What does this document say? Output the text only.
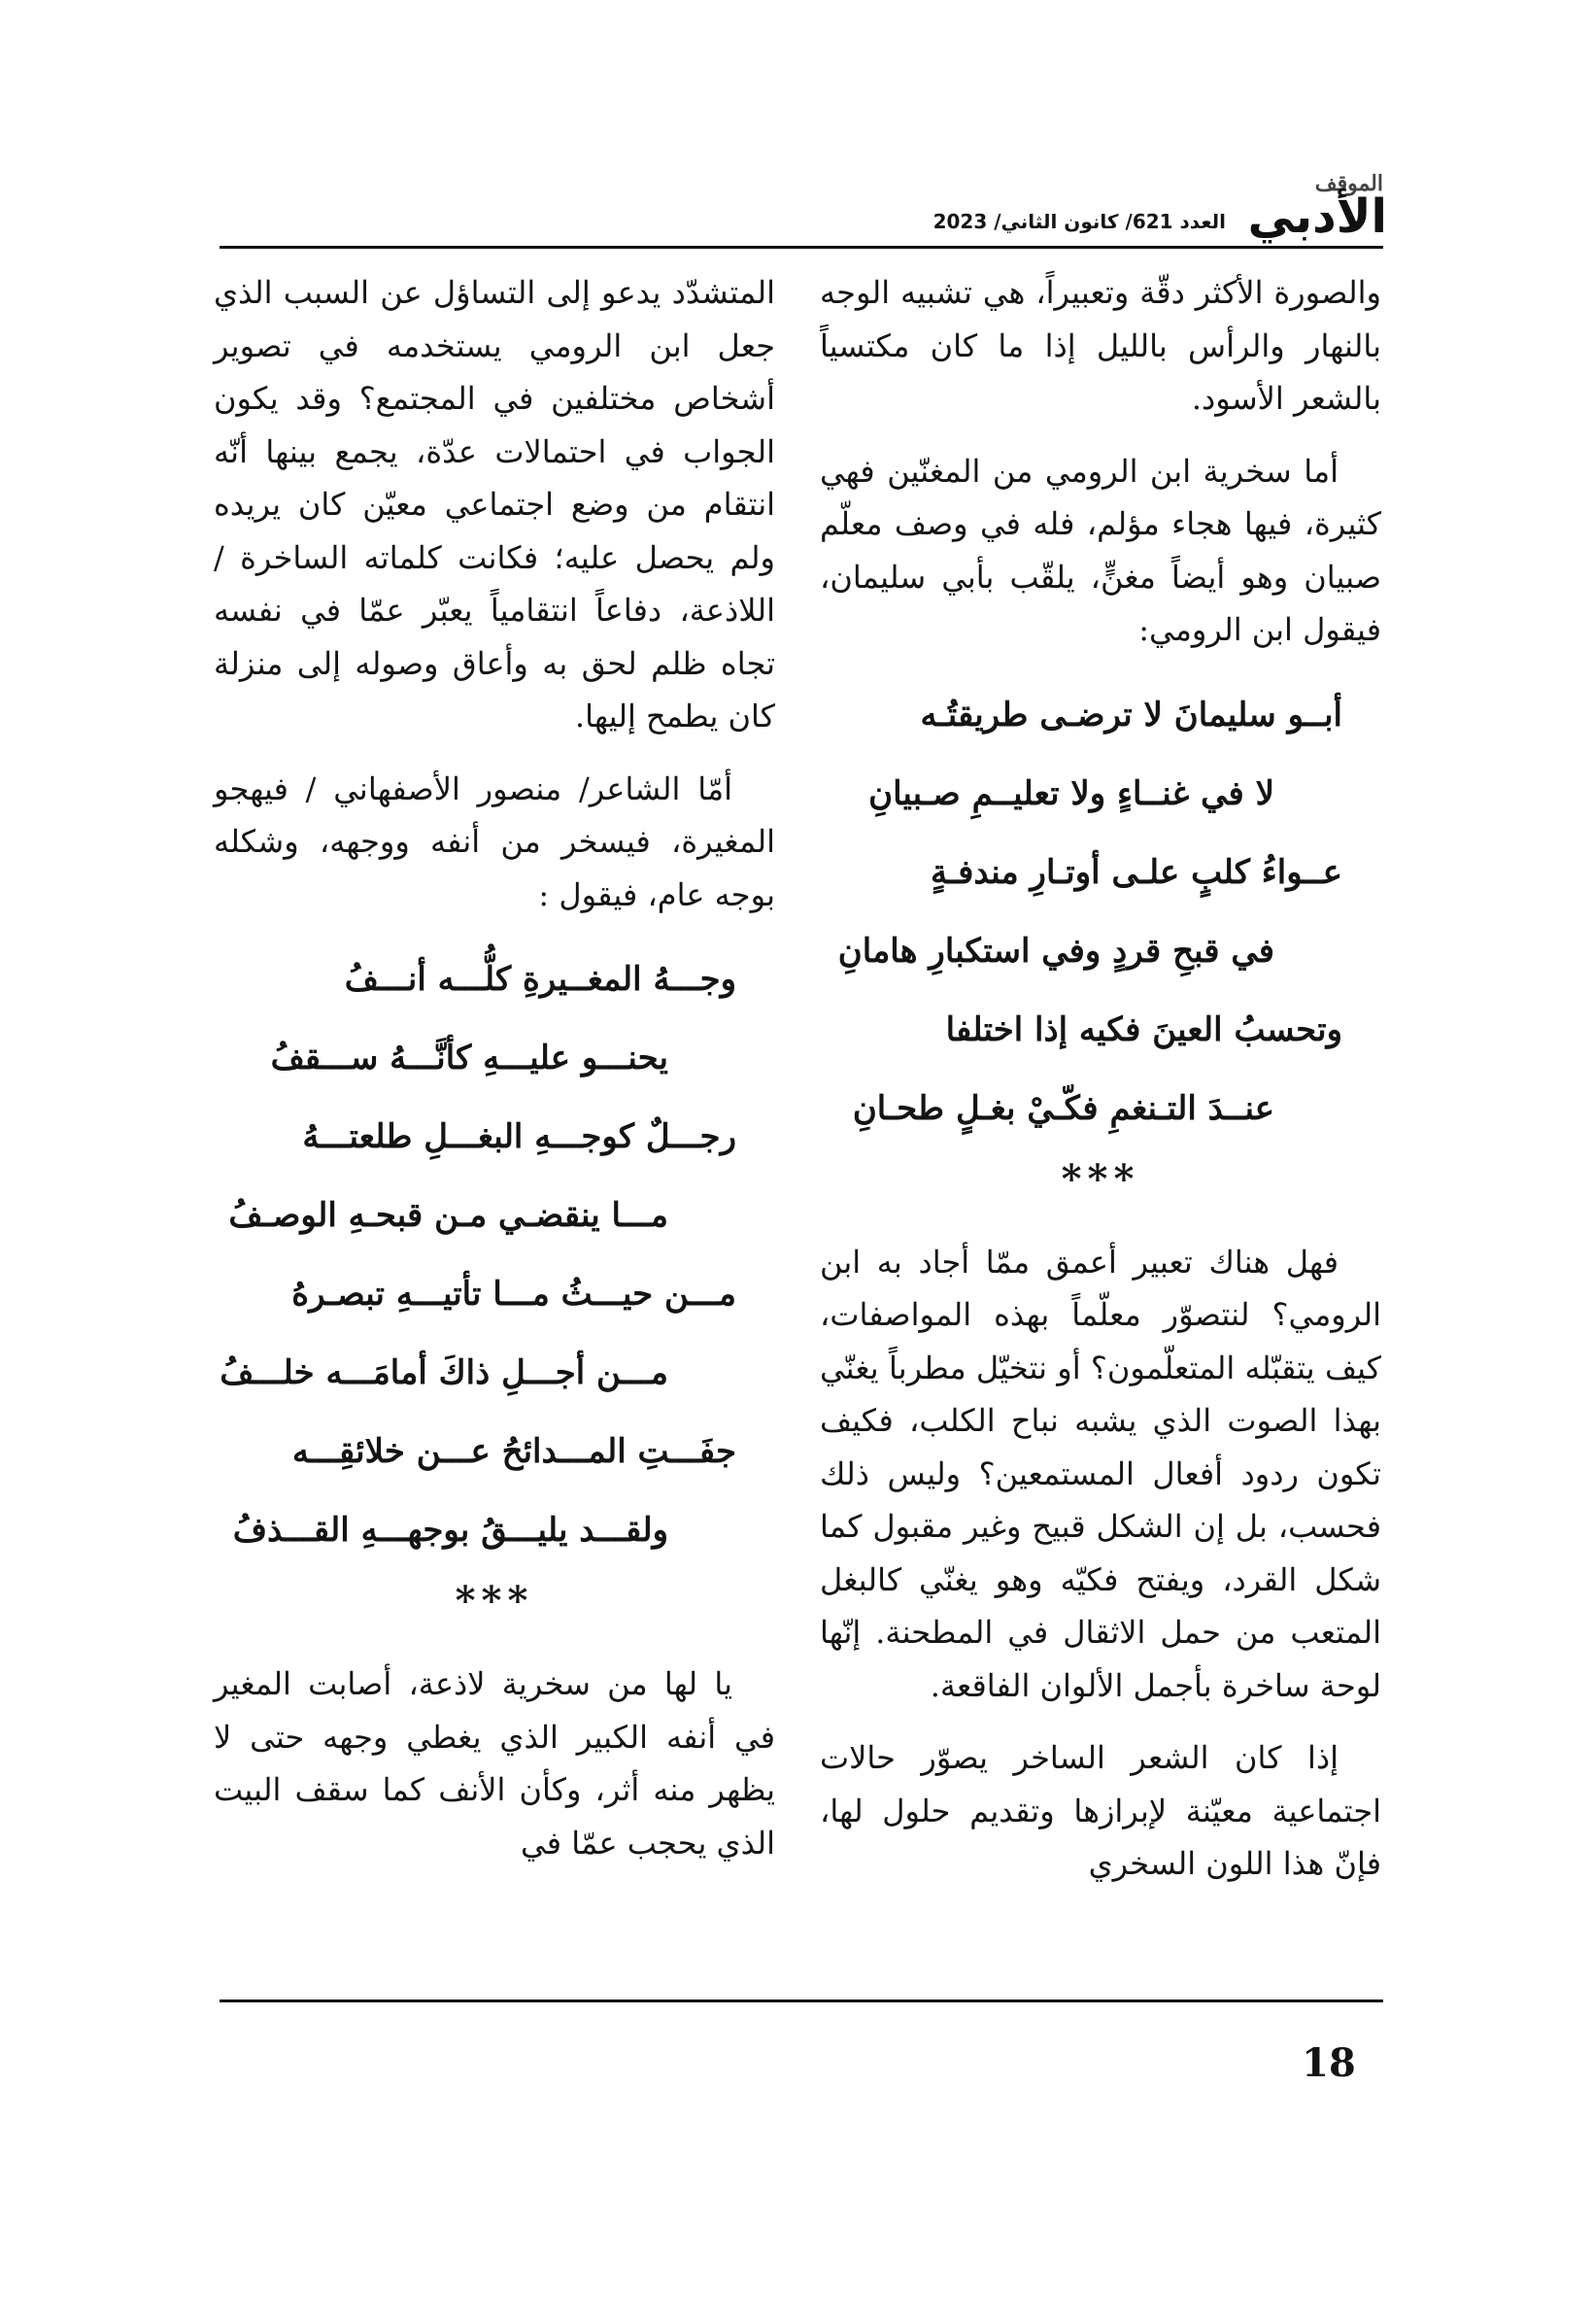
الموقف
الأدبي
العدد 621/ كانون الثاني/ 2023

والصورة الأكثر دقّة وتعبيراً، هي تشبيه الوجه بالنهار والرأس بالليل إذا ما كان مكتسياً بالشعر الأسود.

أما سخرية ابن الرومي من المغنّين فهي كثيرة، فيها هجاء مؤلم، فله في وصف معلّم صبيان وهو أيضاً مغنٍّ، يلقّب بأبي سليمان، فيقول ابن الرومي:

أبــو سليمانَ لا ترضـى طريقتُـه

لا في غنــاءٍ ولا تعليــمِ صـبيانِ

عــواءُ كلبٍ علـى أوتـارِ مندفـةٍ

في قبحِ قردٍ وفي استكبارِ هامانِ

وتحسبُ العينَ فكيه إذا اختلفا

عنــدَ التـنغمِ فكّـيْ بغـلٍ طحـانِ

***

فهل هناك تعبير أعمق ممّا أجاد به ابن الرومي؟ لنتصوّر معلّماً بهذه المواصفات، كيف يتقبّله المتعلّمون؟ أو نتخيّل مطرباً يغنّي بهذا الصوت الذي يشبه نباح الكلب، فكيف تكون ردود أفعال المستمعين؟ وليس ذلك فحسب، بل إن الشكل قبيح وغير مقبول كما شكل القرد، ويفتح فكيّه وهو يغنّي كالبغل المتعب من حمل الاثقال في المطحنة. إنّها لوحة ساخرة بأجمل الألوان الفاقعة.

إذا كان الشعر الساخر يصوّر حالات اجتماعية معيّنة لإبرازها وتقديم حلول لها، فإنّ هذا اللون السخري

المتشدّد يدعو إلى التساؤل عن السبب الذي جعل ابن الرومي يستخدمه في تصوير أشخاص مختلفين في المجتمع؟ وقد يكون الجواب في احتمالات عدّة، يجمع بينها أنّه انتقام من وضع اجتماعي معيّن كان يريده ولم يحصل عليه؛ فكانت كلماته الساخرة / اللاذعة، دفاعاً انتقامياً يعبّر عمّا في نفسه تجاه ظلم لحق به وأعاق وصوله إلى منزلة كان يطمح إليها.

أمّا الشاعر/ منصور الأصفهاني / فيهجو المغيرة، فيسخر من أنفه ووجهه، وشكله بوجه عام، فيقول :

وجـــهُ المغــيرةِ كلُّـــه أنـــفُ

يحنـــو عليـــهِ كأنَّـــهُ ســـقفُ

رجـــلٌ كوجـــهِ البغـــلِ طلعتـــهُ

مـــا ينقضـي مـن قبحـهِ الوصـفُ

مـــن حيـــثُ مـــا تأتيـــهِ تبصـرهُ

مـــن أجـــلِ ذاكَ أمامَـــه خلـــفُ

جفَـــتِ المـــدائحُ عـــن خلائقِـــه

ولقـــد يليـــقُ بوجهـــهِ القـــذفُ

***

يا لها من سخرية لاذعة، أصابت المغير في أنفه الكبير الذي يغطي وجهه حتى لا يظهر منه أثر، وكأن الأنف كما سقف البيت الذي يحجب عمّا في

18
